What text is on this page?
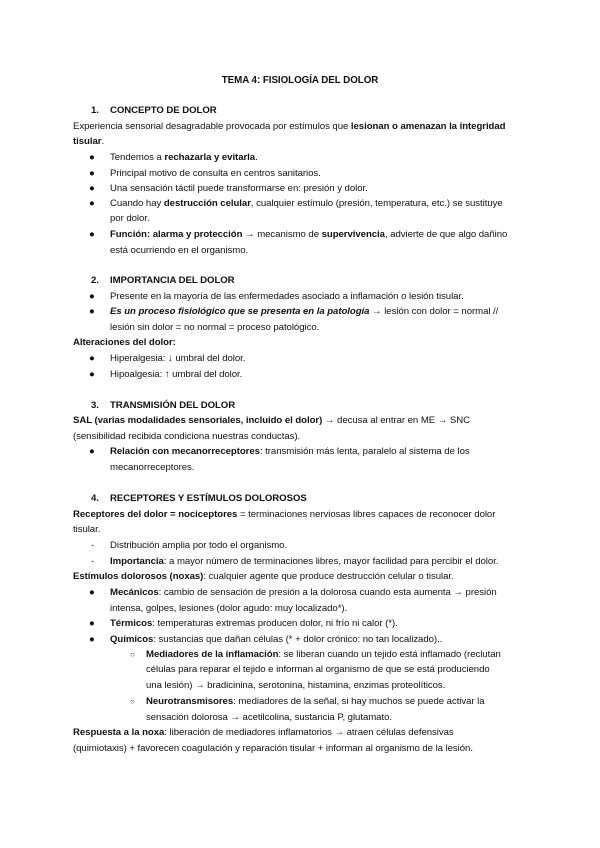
TEMA 4: FISIOLOGÍA DEL DOLOR
1. CONCEPTO DE DOLOR
Experiencia sensorial desagradable provocada por estímulos que lesionan o amenazan la integridad
tisular.
● Tendemos a rechazarla y evitarla.
● Principal motivo de consulta en centros sanitarios.
● Una sensación táctil puede transformarse en: presión y dolor.
● Cuando hay destrucción celular, cualquier estímulo (presión, temperatura, etc.) se sustituye
por dolor.
● Función: alarma y protección → mecanismo de supervivencia, advierte de que algo dañino
está ocurriendo en el organismo.
2. IMPORTANCIA DEL DOLOR
● Presente en la mayoría de las enfermedades asociado a inflamación o lesión tisular.
● Es un proceso fisiológico que se presenta en la patología → lesión con dolor = normal //
lesión sin dolor = no normal = proceso patológico.
Alteraciones del dolor:
● Hiperalgesia: ↓ umbral del dolor.
● Hipoalgesia: ↑ umbral del dolor.
3. TRANSMISIÓN DEL DOLOR
SAL (varias modalidades sensoriales, incluido el dolor) → decusa al entrar en ME → SNC
(sensibilidad recibida condiciona nuestras conductas).
● Relación con mecanorreceptores: transmisión más lenta, paralelo al sistema de los
mecanorreceptores.
4. RECEPTORES Y ESTÍMULOS DOLOROSOS
Receptores del dolor = nociceptores = terminaciones nerviosas libres capaces de reconocer dolor
tisular.
- Distribución amplia por todo el organismo.
- Importancia: a mayor número de terminaciones libres, mayor facilidad para percibir el dolor.
Estímulos dolorosos (noxas): cualquier agente que produce destrucción celular o tisular.
● Mecánicos: cambio de sensación de presión a la dolorosa cuando esta aumenta → presión
intensa, golpes, lesiones (dolor agudo: muy localizado*).
● Térmicos: temperaturas extremas producen dolor, ni frío ni calor (*).
● Químicos: sustancias que dañan células (* + dolor crónico: no tan localizado)..
○ Mediadores de la inflamación: se liberan cuando un tejido está inflamado (reclutan
células para reparar el tejido e informan al organismo de que se está produciendo
una lesión) → bradicinina, serotonina, histamina, enzimas proteolíticos.
○ Neurotransmisores: mediadores de la señal, si hay muchos se puede activar la
sensación dolorosa → acetilcolina, sustancia P, glutamato.
Respuesta a la noxa: liberación de mediadores inflamatorios → atraen células defensivas
(quimiotaxis) + favorecen coagulación y reparación tisular + informan al organismo de la lesión.
